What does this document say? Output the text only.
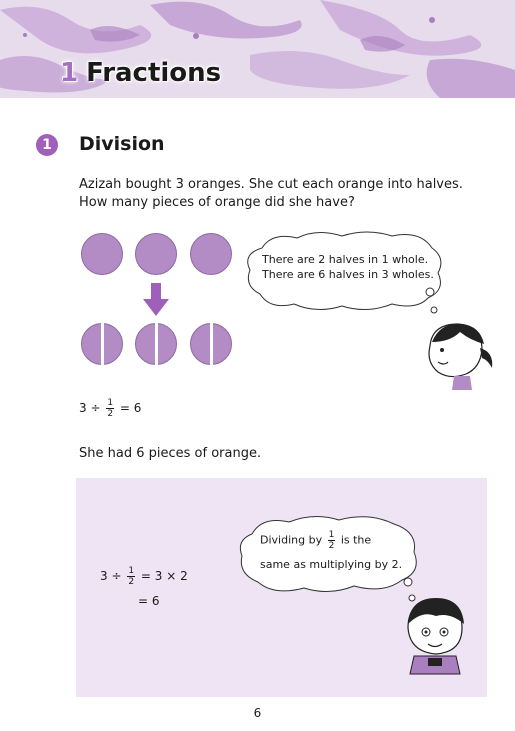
1 Fractions
1	Division
Azizah bought 3 oranges. She cut each orange into halves. How many pieces of orange did she have?
There are 2 halves in 1 whole.
There are 6 halves in 3 wholes.
$3 \div \frac{1}{2} = 6$
She had 6 pieces of orange.
Dividing by $\frac{1}{2}$ is the
same as multiplying by 2.
$3 \div \frac{1}{2} = 3 \times 2$
= 6
6
